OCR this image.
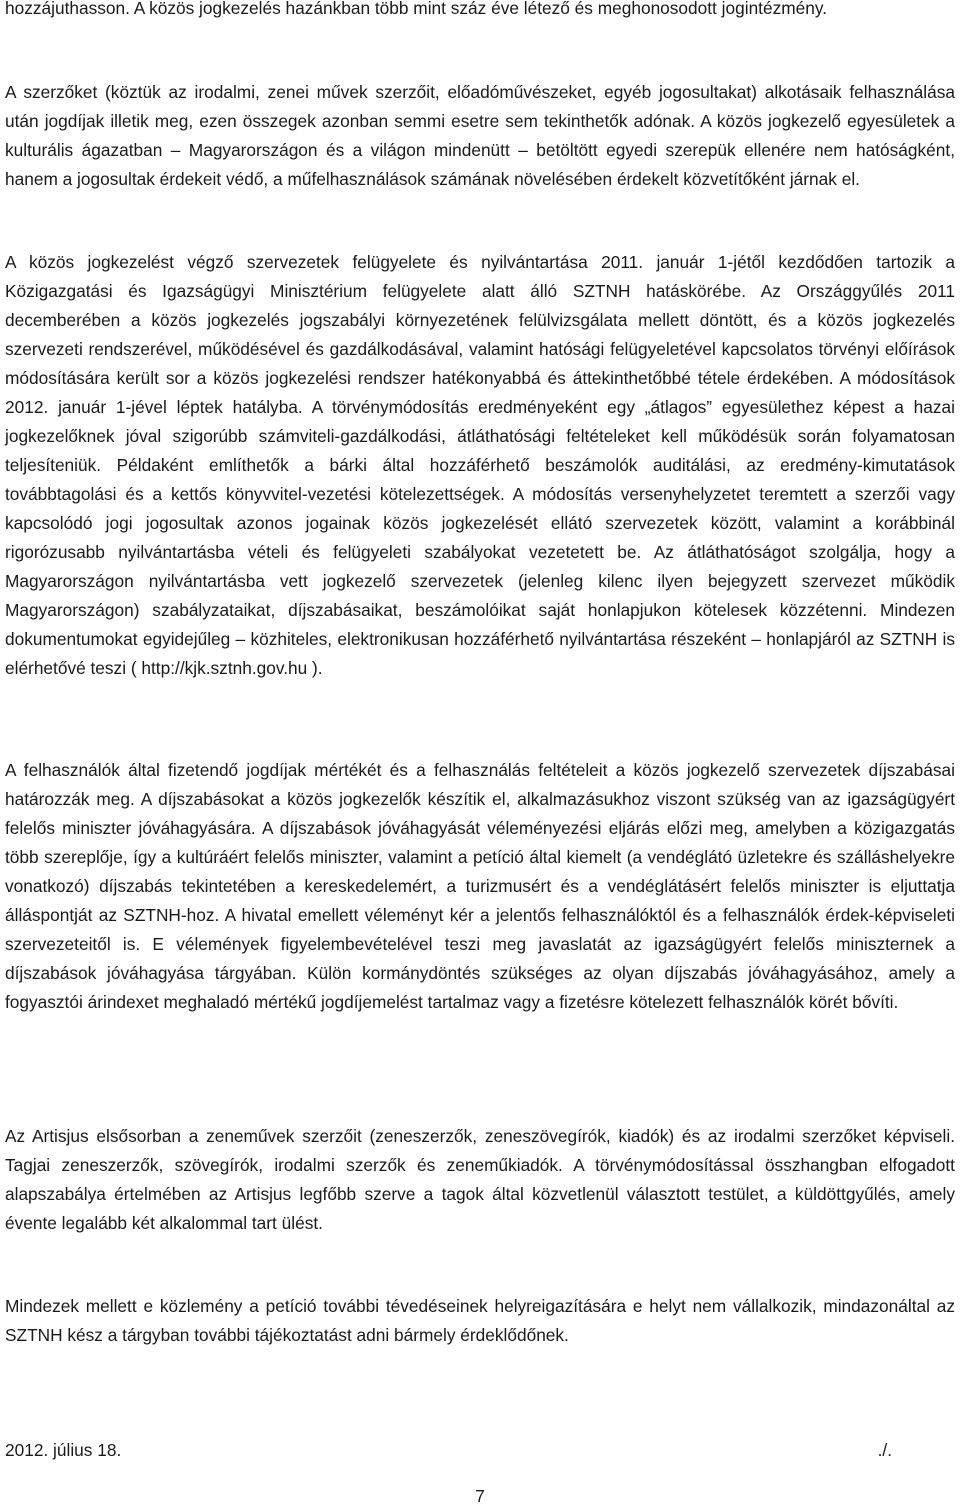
hozzájuthasson. A közös jogkezelés hazánkban több mint száz éve létező és meghonosodott jogintézmény.

A szerzőket (köztük az irodalmi, zenei művek szerzőit, előadóművészeket, egyéb jogosultakat) alkotásaik felhasználása után jogdíjak illetik meg, ezen összegek azonban semmi esetre sem tekinthetők adónak. A közös jogkezelő egyesületek a kulturális ágazatban – Magyarországon és a világon mindenütt – betöltött egyedi szerepük ellenére nem hatóságként, hanem a jogosultak érdekeit védő, a műfelhasználások számának növelésében érdekelt közvetítőként járnak el.

A közös jogkezelést végző szervezetek felügyelete és nyilvántartása 2011. január 1-jétől kezdődően tartozik a Közigazgatási és Igazságügyi Minisztérium felügyelete alatt álló SZTNH hatáskörébe. Az Országgyűlés 2011 decemberében a közös jogkezelés jogszabályi környezetének felülvizsgálata mellett döntött, és a közös jogkezelés szervezeti rendszerével, működésével és gazdálkodásával, valamint hatósági felügyeletével kapcsolatos törvényi előírások módosítására került sor a közös jogkezelési rendszer hatékonyabbá és áttekinthetőbbé tétele érdekében. A módosítások 2012. január 1-jével léptek hatályba. A törvénymódosítás eredményeként egy „átlagos” egyesülethez képest a hazai jogkezelőknek jóval szigorúbb számviteli-gazdálkodási, átláthatósági feltételeket kell működésük során folyamatosan teljesíteniük. Példaként említhetők a bárki által hozzáférhető beszámolók auditálási, az eredmény-kimutatások továbbtagolási és a kettős könyvvitel-vezetési kötelezettségek. A módosítás versenyhelyzetet teremtett a szerzői vagy kapcsolódó jogi jogosultak azonos jogainak közös jogkezelését ellátó szervezetek között, valamint a korábbinál rigorózusabb nyilvántartásba vételi és felügyeleti szabályokat vezetetett be. Az átláthatóságot szolgálja, hogy a Magyarországon nyilvántartásba vett jogkezelő szervezetek (jelenleg kilenc ilyen bejegyzett szervezet működik Magyarországon) szabályzataikat, díjszabásaikat, beszámolóikat saját honlapjukon kötelesek közzétenni. Mindezen dokumentumokat egyidejűleg – közhiteles, elektronikusan hozzáférhető nyilvántartása részeként – honlapjáról az SZTNH is elérhetővé teszi ( http://kjk.sztnh.gov.hu ).

A felhasználók által fizetendő jogdíjak mértékét és a felhasználás feltételeit a közös jogkezelő szervezetek díjszabásai határozzák meg. A díjszabásokat a közös jogkezelők készítik el, alkalmazásukhoz viszont szükség van az igazságügyért felelős miniszter jóváhagyására. A díjszabások jóváhagyását véleményezési eljárás előzi meg, amelyben a közigazgatás több szereplője, így a kultúráért felelős miniszter, valamint a petíció által kiemelt (a vendéglátó üzletekre és szálláshelyekre vonatkozó) díjszabás tekintetében a kereskedelemért, a turizmusért és a vendéglátásért felelős miniszter is eljuttatja álláspontját az SZTNH-hoz. A hivatal emellett véleményt kér a jelentős felhasználóktól és a felhasználók érdek-képviseleti szervezeteitől is. E vélemények figyelembevételével teszi meg javaslatát az igazságügyért felelős miniszternek a díjszabások jóváhagyása tárgyában. Külön kormánydöntés szükséges az olyan díjszabás jóváhagyásához, amely a fogyasztói árindexet meghaladó mértékű jogdíjemelést tartalmaz vagy a fizetésre kötelezett felhasználók körét bővíti.

Az Artisjus elsősorban a zeneművek szerzőit (zeneszerzők, zeneszövegírók, kiadók) és az irodalmi szerzőket képviseli. Tagjai zeneszerzők, szövegírók, irodalmi szerzők és zeneműkiadók. A törvénymódosítással összhangban elfogadott alapszabálya értelmében az Artisjus legfőbb szerve a tagok által közvetlenül választott testület, a küldöttgyűlés, amely évente legalább két alkalommal tart ülést.

Mindezek mellett e közlemény a petíció további tévedéseinek helyreigazítására e helyt nem vállalkozik, mindazonáltal az SZTNH kész a tárgyban további tájékoztatást adni bármely érdeklődőnek.

2012. július 18.	./.
7
